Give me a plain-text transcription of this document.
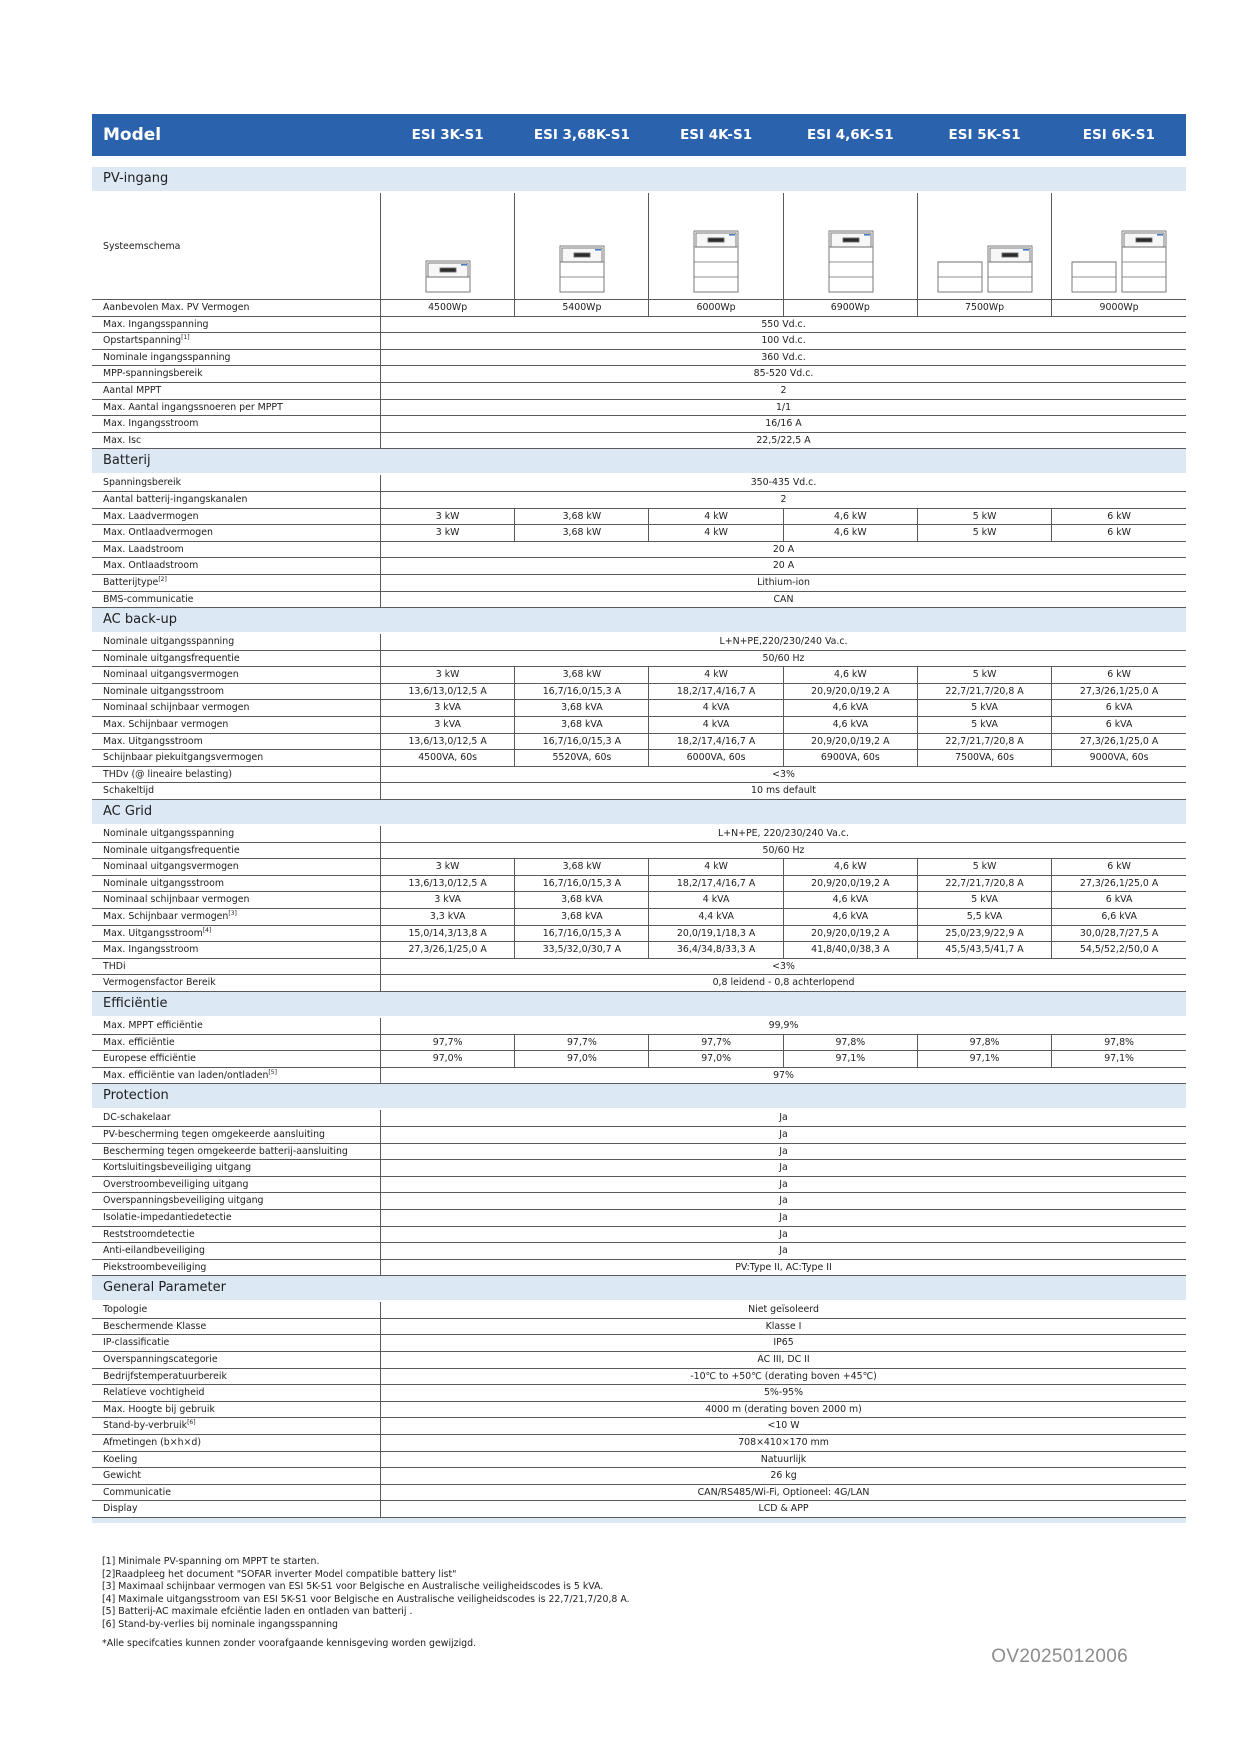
Model	ESI 3K-S1	ESI 3,68K-S1	ESI 4K-S1	ESI 4,6K-S1	ESI 5K-S1	ESI 6K-S1

PV-ingang						

Systeemschema	

Aanbevolen Max. PV Vermogen	4500Wp	5400Wp	6000Wp	6900Wp	7500Wp	9000Wp
Max. Ingangsspanning	550 Vd.c.					
Opstartspanning[1]	100 Vd.c.					
Nominale ingangsspanning	360 Vd.c.					
MPP-spanningsbereik	85-520 Vd.c.					
Aantal MPPT	2					
Max. Aantal ingangssnoeren per MPPT	1/1					
Max. Ingangsstroom	16/16 A					
Max. Isc	22,5/22,5 A					
Batterij						

Spanningsbereik	350-435 Vd.c.					
Aantal batterij-ingangskanalen	2					
Max. Laadvermogen	3 kW	3,68 kW	4 kW	4,6 kW	5 kW	6 kW
Max. Ontlaadvermogen	3 kW	3,68 kW	4 kW	4,6 kW	5 kW	6 kW
Max. Laadstroom	20 A					
Max. Ontlaadstroom	20 A					
Batterijtype[2]	Lithium-ion					
BMS-communicatie	CAN					
AC back-up						

Nominale uitgangsspanning	L+N+PE,220/230/240 Va.c.					
Nominale uitgangsfrequentie	50/60 Hz					
Nominaal uitgangsvermogen	3 kW	3,68 kW	4 kW	4,6 kW	5 kW	6 kW
Nominale uitgangsstroom	13,6/13,0/12,5 A	16,7/16,0/15,3 A	18,2/17,4/16,7 A	20,9/20,0/19,2 A	22,7/21,7/20,8 A	27,3/26,1/25,0 A
Nominaal schijnbaar vermogen	3 kVA	3,68 kVA	4 kVA	4,6 kVA	5 kVA	6 kVA
Max. Schijnbaar vermogen	3 kVA	3,68 kVA	4 kVA	4,6 kVA	5 kVA	6 kVA
Max. Uitgangsstroom	13,6/13,0/12,5 A	16,7/16,0/15,3 A	18,2/17,4/16,7 A	20,9/20,0/19,2 A	22,7/21,7/20,8 A	27,3/26,1/25,0 A
Schijnbaar piekuitgangsvermogen	4500VA, 60s	5520VA, 60s	6000VA, 60s	6900VA, 60s	7500VA, 60s	9000VA, 60s
THDv (@ lineaire belasting)	<3%					
Schakeltijd	10 ms default					
AC Grid						

Nominale uitgangsspanning	L+N+PE, 220/230/240 Va.c.					
Nominale uitgangsfrequentie	50/60 Hz					
Nominaal uitgangsvermogen	3 kW	3,68 kW	4 kW	4,6 kW	5 kW	6 kW
Nominale uitgangsstroom	13,6/13,0/12,5 A	16,7/16,0/15,3 A	18,2/17,4/16,7 A	20,9/20,0/19,2 A	22,7/21,7/20,8 A	27,3/26,1/25,0 A
Nominaal schijnbaar vermogen	3 kVA	3,68 kVA	4 kVA	4,6 kVA	5 kVA	6 kVA
Max. Schijnbaar vermogen[3]	3,3 kVA	3,68 kVA	4,4 kVA	4,6 kVA	5,5 kVA	6,6 kVA
Max. Uitgangsstroom[4]	15,0/14,3/13,8 A	16,7/16,0/15,3 A	20,0/19,1/18,3 A	20,9/20,0/19,2 A	25,0/23,9/22,9 A	30,0/28,7/27,5 A
Max. Ingangsstroom	27,3/26,1/25,0 A	33,5/32,0/30,7 A	36,4/34,8/33,3 A	41,8/40,0/38,3 A	45,5/43,5/41,7 A	54,5/52,2/50,0 A
THDi	<3%					
Vermogensfactor Bereik	0,8 leidend - 0,8 achterlopend					
Efficiëntie						

Max. MPPT efficiëntie	99,9%					
Max. efficiëntie	97,7%	97,7%	97,7%	97,8%	97,8%	97,8%
Europese efficiëntie	97,0%	97,0%	97,0%	97,1%	97,1%	97,1%
Max. efficiëntie van laden/ontladen[5]	97%					
Protection						

DC-schakelaar	Ja					
PV-bescherming tegen omgekeerde aansluiting	Ja					
Bescherming tegen omgekeerde batterij-aansluiting	Ja					
Kortsluitingsbeveiliging uitgang	Ja					
Overstroombeveiliging uitgang	Ja					
Overspanningsbeveiliging uitgang	Ja					
Isolatie-impedantiedetectie	Ja					
Reststroomdetectie	Ja					
Anti-eilandbeveiliging	Ja					
Piekstroombeveiliging	PV:Type II, AC:Type II					
General Parameter						

Topologie	Niet geïsoleerd					
Beschermende Klasse	Klasse I					
IP-classificatie	IP65					
Overspanningscategorie	AC III, DC II					
Bedrijfstemperatuurbereik	-10℃ to +50℃ (derating boven +45℃)					
Relatieve vochtigheid	5%-95%					
Max. Hoogte bij gebruik	4000 m (derating boven 2000 m)					
Stand-by-verbruik[6]	<10 W					
Afmetingen (b×h×d)	708×410×170 mm					
Koeling	Natuurlijk					
Gewicht	26 kg					
Communicatie	CAN/RS485/Wi-Fi, Optioneel: 4G/LAN					
Display	LCD & APP					
[1] Minimale PV-spanning om MPPT te starten.
[2]Raadpleeg het document "SOFAR inverter Model compatible battery list"
[3] Maximaal schijnbaar vermogen van ESI 5K-S1 voor Belgische en Australische veiligheidscodes is 5 kVA.
[4] Maximale uitgangsstroom van ESI 5K-S1 voor Belgische en Australische veiligheidscodes is 22,7/21,7/20,8 A.
[5] Batterij-AC maximale efciëntie laden en ontladen van batterij .
[6] Stand-by-verlies bij nominale ingangsspanning
*Alle specifcaties kunnen zonder voorafgaande kennisgeving worden gewijzigd.
OV2025012006
